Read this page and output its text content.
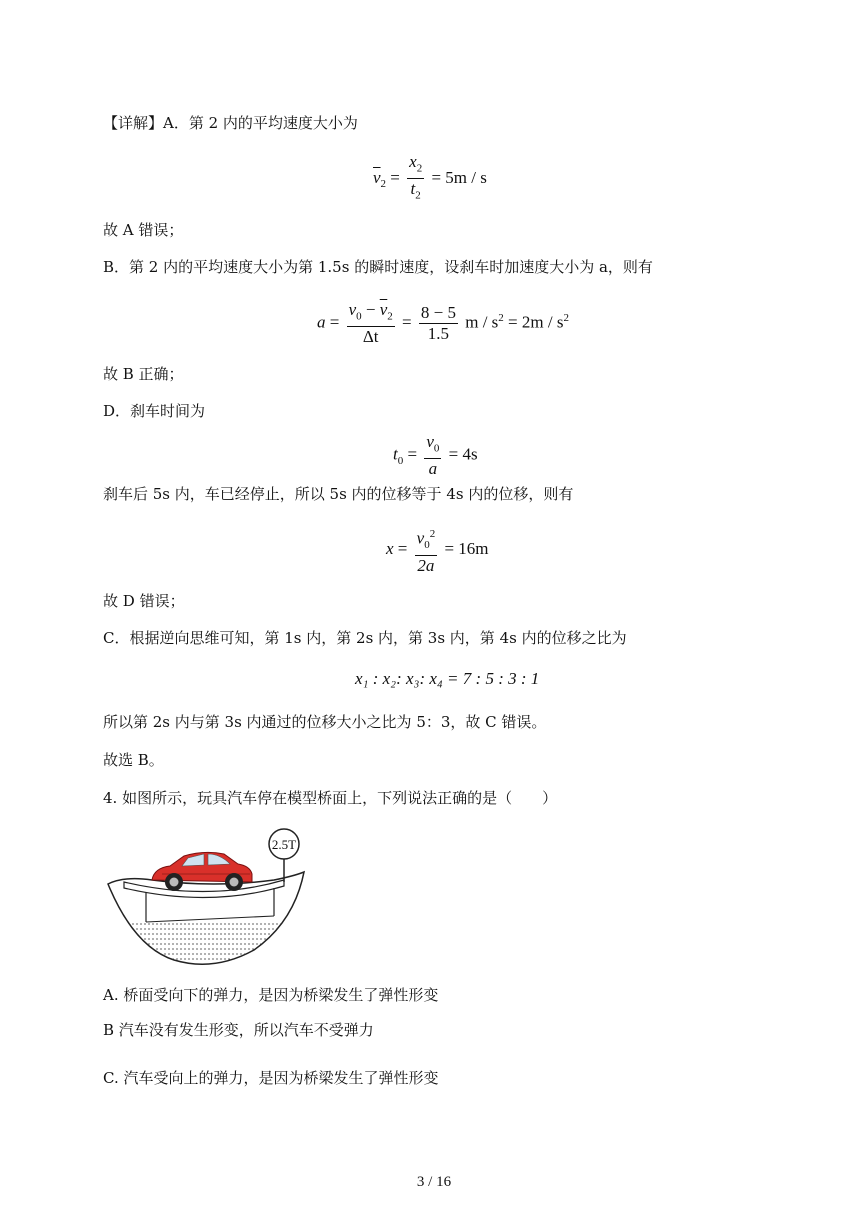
【详解】A．第 2 内的平均速度大小为
$\overline{v}_2 = \frac{x_2}{t_2} = 5m / s$
故 A 错误；
B．第 2 内的平均速度大小为第 1.5s 的瞬时速度，设刹车时加速度大小为 a，则有
$a = \frac{v_0 - \overline{v}_2}{\Delta t} = \frac{8 - 5}{1.5}$ $m / s^2 = 2m / s^2$
故 B 正确；
D．刹车时间为
$t_0 = \frac{v_0}{a} = 4s$
刹车后 5s 内，车已经停止，所以 5s 内的位移等于 4s 内的位移，则有
$x = \frac{v_0^2}{2a} = 16m$
故 D 错误；
C．根据逆向思维可知，第 1s 内，第 2s 内，第 3s 内，第 4s 内的位移之比为
x₁ : x₂: x₃: x₄ = 7 : 5 : 3 : 1
所以第 2s 内与第 3s 内通过的位移大小之比为 5：3，故 C 错误。
故选 B。
4. 如图所示，玩具汽车停在模型桥面上，下列说法正确的是（　　）
2.5T
A. 桥面受向下的弹力，是因为桥梁发生了弹性形变
B 汽车没有发生形变，所以汽车不受弹力
C. 汽车受向上的弹力，是因为桥梁发生了弹性形变
3 / 16
